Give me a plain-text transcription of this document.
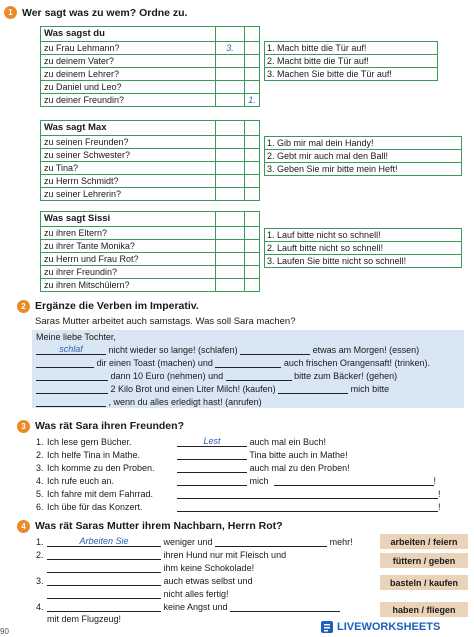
1 Wer sagt was zu wem? Ordne zu.
Was sagst du
zu Frau Lehmann?	3.
zu deinem Vater?
zu deinem Lehrer?
zu Daniel und Leo?
zu deiner Freundin?	1.
1. Mach bitte die Tür auf!
2. Macht bitte die Tür auf!
3. Machen Sie bitte die Tür auf!
Was sagt Max
zu seinen Freunden?
zu seiner Schwester?
zu Tina?
zu Herrn Schmidt?
zu seiner Lehrerin?
1. Gib mir mal dein Handy!
2. Gebt mir auch mal den Ball!
3. Geben Sie mir bitte mein Heft!
Was sagt Sissi
zu ihren Eltern?
zu ihrer Tante Monika?
zu Herrn und Frau Rot?
zu ihrer Freundin?
zu ihren Mitschülern?
1. Lauf bitte nicht so schnell!
2. Lauft bitte nicht so schnell!
3. Laufen Sie bitte nicht so schnell!
2 Ergänze die Verben im Imperativ.
Saras Mutter arbeitet auch samstags. Was soll Sara machen?
Meine liebe Tochter,
schlaf	nicht wieder so lange! (schlafen)	etwas am Morgen! (essen)
dir einen Toast (machen) und	auch frischen Orangensaft! (trinken).
dann 10 Euro (nehmen) und	bitte zum Bäcker! (gehen)
2 Kilo Brot und einen Liter Milch! (kaufen)	mich bitte
, wenn du alles erledigt hast! (anrufen)
3 Was rät Sara ihren Freunden?
1. Ich lese gern Bücher.	Lest	auch mal ein Buch!
2. Ich helfe Tina in Mathe.	Tina bitte auch in Mathe!
3. Ich komme zu den Proben.	auch mal zu den Proben!
4. Ich rufe euch an.	mich	!
5. Ich fahre mit dem Fahrrad.	!
6. Ich übe für das Konzert.	!
4 Was rät Saras Mutter ihrem Nachbarn, Herrn Rot?
1.	Arbeiten Sie	weniger und	mehr!
2.	ihren Hund nur mit Fleisch und
ihm keine Schokolade!
3.	auch etwas selbst und
nicht alles fertig!
4.	keine Angst und
mit dem Flugzeug!
arbeiten / feiern
füttern / geben
basteln / kaufen
haben / fliegen
90	LIVEWORKSHEETS
